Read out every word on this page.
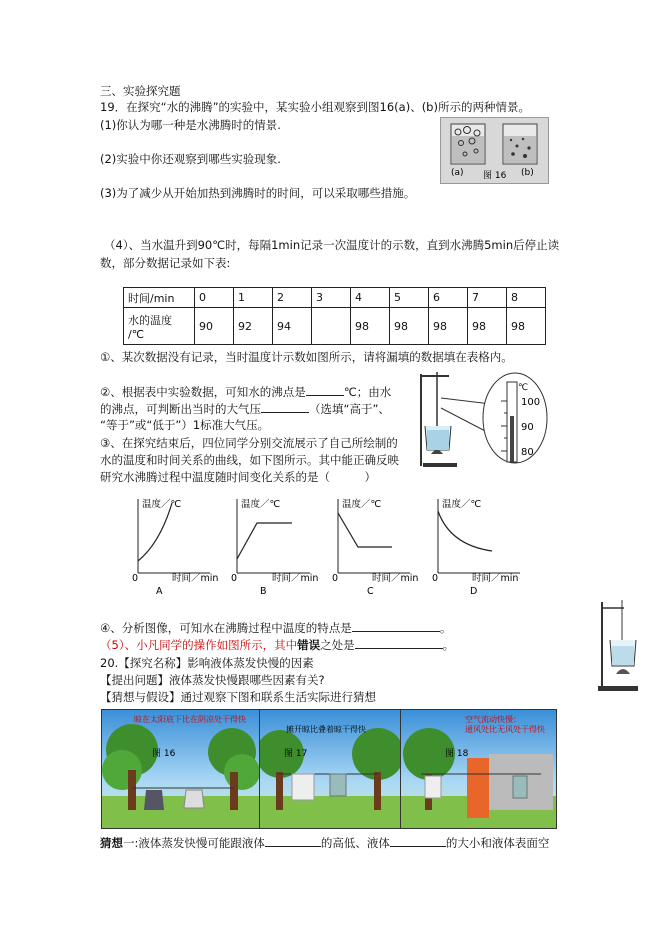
三、实验探究题
19．在探究“水的沸腾”的实验中，某实验小组观察到图16(a)、(b)所示的两种情景。
(1)你认为哪一种是水沸腾时的情景.
(2)实验中你还观察到哪些实验现象.
(3)为了减少从开始加热到沸腾时的时间，可以采取哪些措施。
(a) 图 16 (b)
（4）、当水温升到90℃时，每隔1min记录一次温度计的示数，直到水沸腾5min后停止读
数，部分数据记录如下表:
时间/min	0	1	2	3	4	5	6	7	8
水的温度
/℃	90	92	94		98	98	98	98	98
①、某次数据没有记录，当时温度计示数如图所示，请将漏填的数据填在表格内。
②、根据表中实验数据，可知水的沸点是	℃；由水
的沸点，可判断出当时的大气压	（选填“高于”、
“等于”或“低于”）1标准大气压。
③、在探究结束后，四位同学分别交流展示了自己所绘制的
水的温度和时间关系的曲线，如下图所示。其中能正确反映
研究水沸腾过程中温度随时间变化关系的是（　　　）
℃
100
90
80
温度／℃	温度／℃	温度／℃	温度／℃
0	0	0	0
时间／min	时间／min	时间／min	时间／min
A	B	C	D
④、分析图像，可知水在沸腾过程中温度的特点是	。
（5）、小凡同学的操作如图所示，其中错误之处是	。
20.【探究名称】影响液体蒸发快慢的因素
【提出问题】液体蒸发快慢跟哪些因素有关?
【猜想与假设】通过观察下图和联系生活实际进行猜想
晾在太阳底下比在阴凉处干得快
图 16
摊开晾比叠着晾干得快
图 17
空气流动快慢：
通风处比无风处干得快
图 18
猜想一:液体蒸发快慢可能跟液体	的高低、液体	的大小和液体表面空
